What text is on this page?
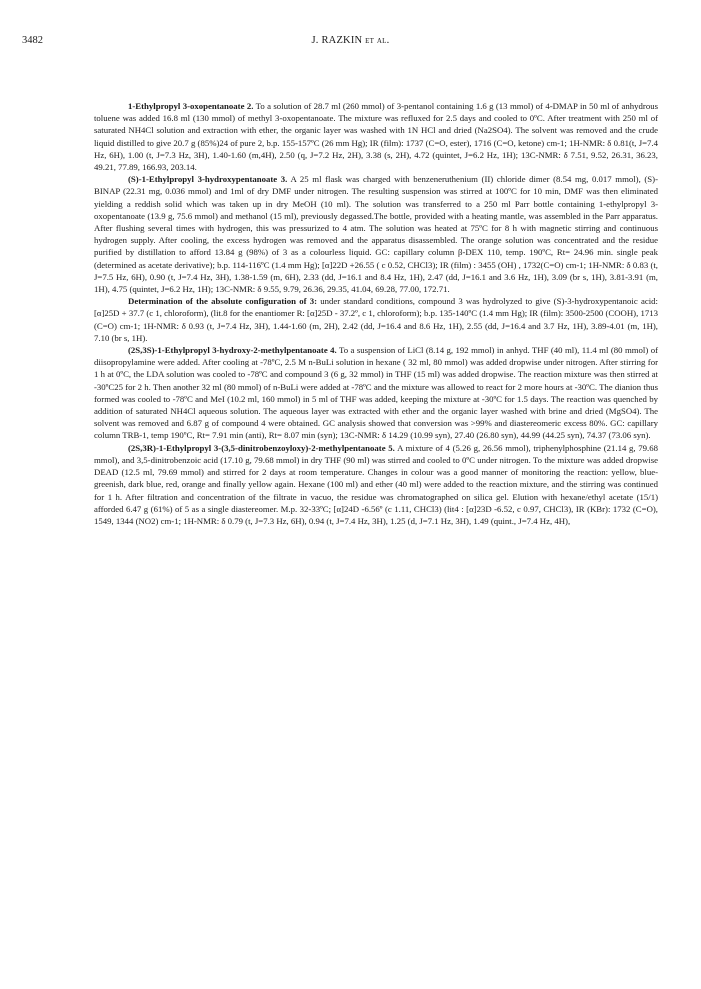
3482	J. RAZKIN et al.

1-Ethylpropyl 3-oxopentanoate 2. To a solution of 28.7 ml (260 mmol) of 3-pentanol containing 1.6 g (13 mmol) of 4-DMAP in 50 ml of anhydrous toluene was added 16.8 ml (130 mmol) of methyl 3-oxopentanoate. The mixture was refluxed for 2.5 days and cooled to 0ºC. After treatment with 250 ml of saturated NH4Cl solution and extraction with ether, the organic layer was washed with 1N HCl and dried (Na2SO4). The solvent was removed and the crude liquid distilled to give 20.7 g (85%)24 of pure 2, b.p. 155-157ºC (26 mm Hg); IR (film): 1737 (C=O, ester), 1716 (C=O, ketone) cm-1; 1H-NMR: δ 0.81(t, J=7.4 Hz, 6H), 1.00 (t, J=7.3 Hz, 3H), 1.40-1.60 (m,4H), 2.50 (q, J=7.2 Hz, 2H), 3.38 (s, 2H), 4.72 (quintet, J=6.2 Hz, 1H); 13C-NMR: δ 7.51, 9.52, 26.31, 36.23, 49.21, 77.89, 166.93, 203.14.

(S)-1-Ethylpropyl 3-hydroxypentanoate 3. A 25 ml flask was charged with benzeneruthenium (II) chloride dimer (8.54 mg, 0.017 mmol), (S)-BINAP (22.31 mg, 0.036 mmol) and 1ml of dry DMF under nitrogen. The resulting suspension was stirred at 100ºC for 10 min, DMF was then eliminated yielding a reddish solid which was taken up in dry MeOH (10 ml). The solution was transferred to a 250 ml Parr bottle containing 1-ethylpropyl 3-oxopentanoate (13.9 g, 75.6 mmol) and methanol (15 ml), previously degassed.The bottle, provided with a heating mantle, was assembled in the Parr apparatus. After flushing several times with hydrogen, this was pressurized to 4 atm. The solution was heated at 75ºC for 8 h with magnetic stirring and continuous hydrogen supply. After cooling, the excess hydrogen was removed and the apparatus disassembled. The orange solution was concentrated and the residue purified by distillation to afford 13.84 g (98%) of 3 as a colourless liquid. GC: capillary column β-DEX 110, temp. 190ºC, Rt= 24.96 min. single peak (determined as acetate derivative); b.p. 114-116ºC (1.4 mm Hg); [α]22D +26.55 ( c 0.52, CHCl3); IR (film) : 3455 (OH) , 1732(C=O) cm-1; 1H-NMR: δ 0.83 (t, J=7.5 Hz, 6H), 0.90 (t, J=7.4 Hz, 3H), 1.38-1.59 (m, 6H), 2.33 (dd, J=16.1 and 8.4 Hz, 1H), 2.47 (dd, J=16.1 and 3.6 Hz, 1H), 3.09 (br s, 1H), 3.81-3.91 (m, 1H), 4.75 (quintet, J=6.2 Hz, 1H); 13C-NMR: δ 9.55, 9.79, 26.36, 29.35, 41.04, 69.28, 77.00, 172.71.

Determination of the absolute configuration of 3: under standard conditions, compound 3 was hydrolyzed to give (S)-3-hydroxypentanoic acid: [α]25D + 37.7 (c 1, chloroform), (lit.8 for the enantiomer R: [α]25D - 37.2º, c 1, chloroform); b.p. 135-140ºC (1.4 mm Hg); IR (film): 3500-2500 (COOH), 1713 (C=O) cm-1; 1H-NMR: δ 0.93 (t, J=7.4 Hz, 3H), 1.44-1.60 (m, 2H), 2.42 (dd, J=16.4 and 8.6 Hz, 1H), 2.55 (dd, J=16.4 and 3.7 Hz, 1H), 3.89-4.01 (m, 1H), 7.10 (br s, 1H).

(2S,3S)-1-Ethylpropyl 3-hydroxy-2-methylpentanoate 4. To a suspension of LiCl (8.14 g, 192 mmol) in anhyd. THF (40 ml), 11.4 ml (80 mmol) of diisopropylamine were added. After cooling at -78ºC, 2.5 M n-BuLi solution in hexane ( 32 ml, 80 mmol) was added dropwise under nitrogen. After stirring for 1 h at 0ºC, the LDA solution was cooled to -78ºC and compound 3 (6 g, 32 mmol) in THF (15 ml) was added dropwise. The reaction mixture was then stirred at -30ºC25 for 2 h. Then another 32 ml (80 mmol) of n-BuLi were added at -78ºC and the mixture was allowed to react for 2 more hours at -30ºC. The dianion thus formed was cooled to -78ºC and MeI (10.2 ml, 160 mmol) in 5 ml of THF was added, keeping the mixture at -30ºC for 1.5 days. The reaction was quenched by addition of saturated NH4Cl aqueous solution. The aqueous layer was extracted with ether and the organic layer washed with brine and dried (MgSO4). The solvent was removed and 6.87 g of compound 4 were obtained. GC analysis showed that conversion was >99% and diastereomeric excess 80%. GC: capillary column TRB-1, temp 190ºC, Rt= 7.91 min (anti), Rt= 8.07 min (syn); 13C-NMR: δ 14.29 (10.99 syn), 27.40 (26.80 syn), 44.99 (44.25 syn), 74.37 (73.06 syn).

(2S,3R)-1-Ethylpropyl 3-(3,5-dinitrobenzoyloxy)-2-methylpentanoate 5. A mixture of 4 (5.26 g, 26.56 mmol), triphenylphosphine (21.14 g, 79.68 mmol), and 3,5-dinitrobenzoic acid (17.10 g, 79.68 mmol) in dry THF (90 ml) was stirred and cooled to 0ºC under nitrogen. To the mixture was added dropwise DEAD (12.5 ml, 79.69 mmol) and stirred for 2 days at room temperature. Changes in colour was a good manner of monitoring the reaction: yellow, blue-greenish, dark blue, red, orange and finally yellow again. Hexane (100 ml) and ether (40 ml) were added to the reaction mixture, and the stirring was continued for 1 h. After filtration and concentration of the filtrate in vacuo, the residue was chromatographed on silica gel. Elution with hexane/ethyl acetate (15/1) afforded 6.47 g (61%) of 5 as a single diastereomer. M.p. 32-33ºC; [α]24D -6.56º (c 1.11, CHCl3) (lit4 : [α]23D -6.52, c 0.97, CHCl3), IR (KBr): 1732 (C=O), 1549, 1344 (NO2) cm-1; 1H-NMR: δ 0.79 (t, J=7.3 Hz, 6H), 0.94 (t, J=7.4 Hz, 3H), 1.25 (d, J=7.1 Hz, 3H), 1.49 (quint., J=7.4 Hz, 4H),
